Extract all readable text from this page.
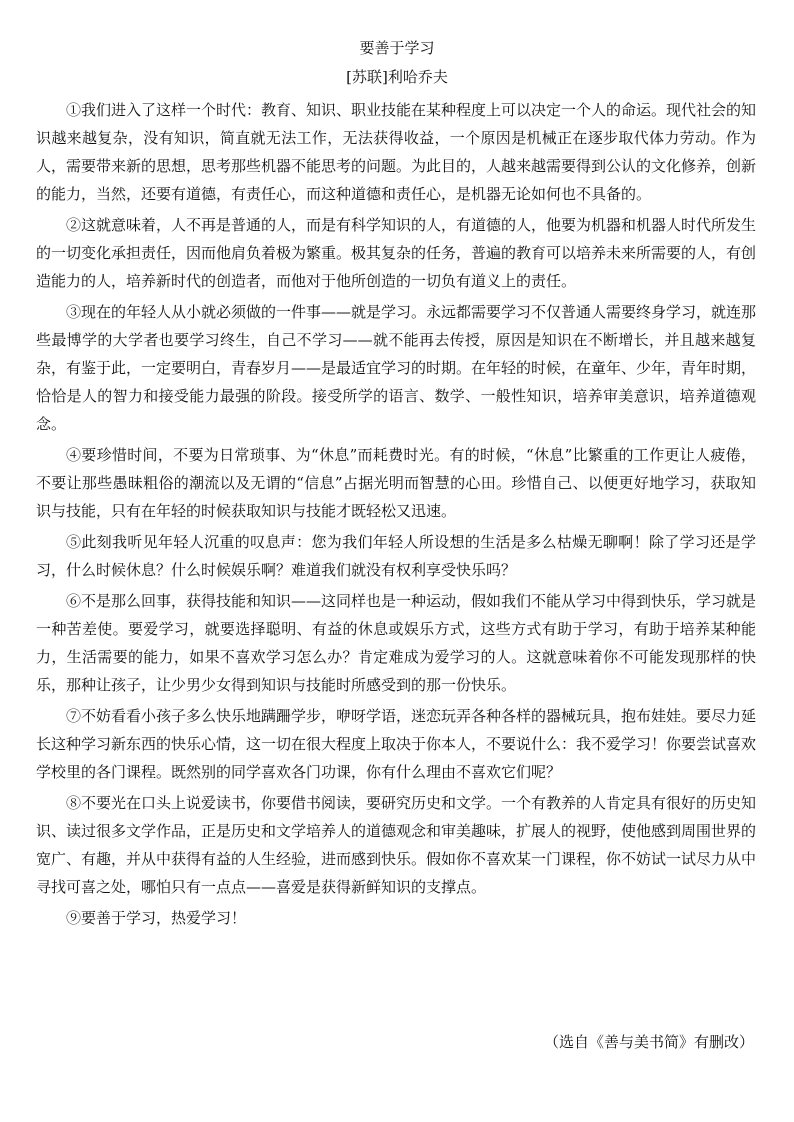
要善于学习
[苏联]利哈乔夫

①我们进入了这样一个时代：教育、知识、职业技能在某种程度上可以决定一个人的命运。现代社会的知识越来越复杂，没有知识，简直就无法工作，无法获得收益，一个原因是机械正在逐步取代体力劳动。作为人，需要带来新的思想，思考那些机器不能思考的问题。为此目的，人越来越需要得到公认的文化修养，创新的能力，当然，还要有道德，有责任心，而这种道德和责任心，是机器无论如何也不具备的。

②这就意味着，人不再是普通的人，而是有科学知识的人，有道德的人，他要为机器和机器人时代所发生的一切变化承担责任，因而他肩负着极为繁重。极其复杂的任务，普遍的教育可以培养未来所需要的人，有创造能力的人，培养新时代的创造者，而他对于他所创造的一切负有道义上的责任。

③现在的年轻人从小就必须做的一件事——就是学习。永远都需要学习不仅普通人需要终身学习，就连那些最博学的大学者也要学习终生，自己不学习——就不能再去传授，原因是知识在不断增长，并且越来越复杂，有鉴于此，一定要明白，青春岁月——是最适宜学习的时期。在年轻的时候，在童年、少年，青年时期，恰恰是人的智力和接受能力最强的阶段。接受所学的语言、数学、一般性知识，培养审美意识，培养道德观念。

④要珍惜时间，不要为日常琐事、为“休息”而耗费时光。有的时候，“休息”比繁重的工作更让人疲倦，不要让那些愚昧粗俗的潮流以及无谓的“信息”占据光明而智慧的心田。珍惜自己、以便更好地学习，获取知识与技能，只有在年轻的时候获取知识与技能才既轻松又迅速。

⑤此刻我听见年轻人沉重的叹息声：您为我们年轻人所设想的生活是多么枯燥无聊啊！除了学习还是学习，什么时候休息？什么时候娱乐啊？难道我们就没有权利享受快乐吗？

⑥不是那么回事，获得技能和知识——这同样也是一种运动，假如我们不能从学习中得到快乐，学习就是一种苦差使。要爱学习，就要选择聪明、有益的休息或娱乐方式，这些方式有助于学习，有助于培养某种能力，生活需要的能力，如果不喜欢学习怎么办？肯定难成为爱学习的人。这就意味着你不可能发现那样的快乐，那种让孩子，让少男少女得到知识与技能时所感受到的那一份快乐。

⑦不妨看看小孩子多么快乐地蹒跚学步，咿呀学语，迷恋玩弄各种各样的器械玩具，抱布娃娃。要尽力延长这种学习新东西的快乐心情，这一切在很大程度上取决于你本人，不要说什么：我不爱学习！你要尝试喜欢学校里的各门课程。既然别的同学喜欢各门功课，你有什么理由不喜欢它们呢？

⑧不要光在口头上说爱读书，你要借书阅读，要研究历史和文学。一个有教养的人肯定具有很好的历史知识、读过很多文学作品，正是历史和文学培养人的道德观念和审美趣味，扩展人的视野，使他感到周围世界的宽广、有趣，并从中获得有益的人生经验，进而感到快乐。假如你不喜欢某一门课程，你不妨试一试尽力从中寻找可喜之处，哪怕只有一点点——喜爱是获得新鲜知识的支撑点。

⑨要善于学习，热爱学习！

（选自《善与美书简》有删改）
